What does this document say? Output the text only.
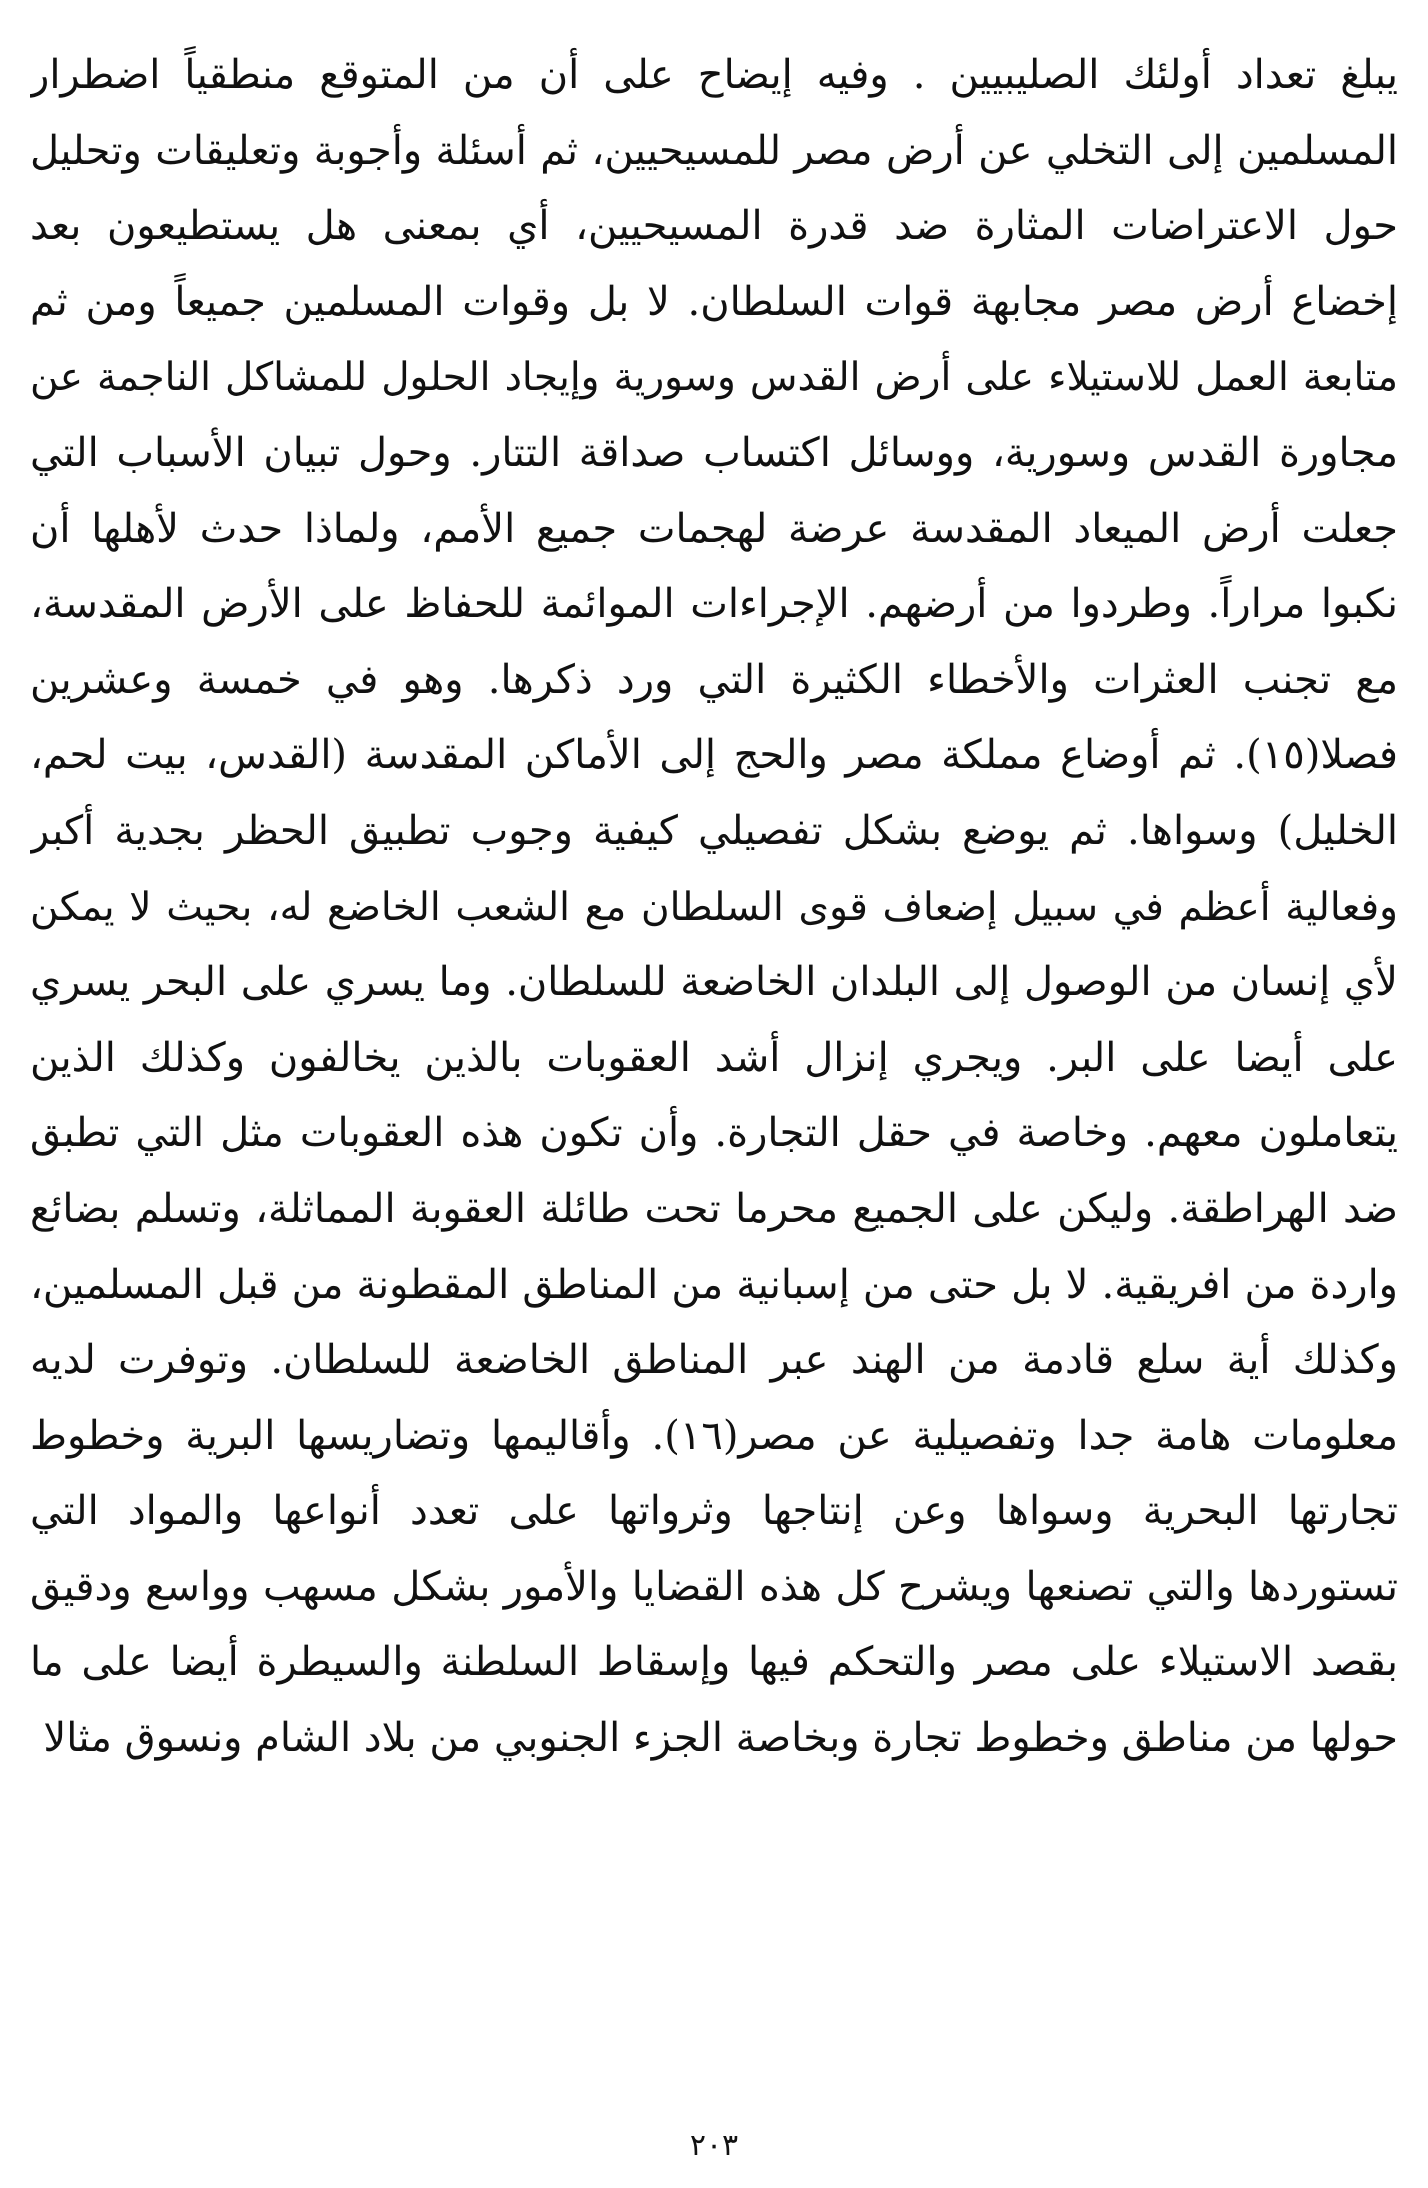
يبلغ تعداد أولئك الصليبيين . وفيه إيضاح على أن من المتوقع منطقياً اضطرار
المسلمين إلى التخلي عن أرض مصر للمسيحيين، ثم أسئلة وأجوبة وتعليقات وتحليل
حول الاعتراضات المثارة ضد قدرة المسيحيين، أي بمعنى هل يستطيعون بعد
إخضاع أرض مصر مجابهة قوات السلطان. لا بل وقوات المسلمين جميعاً ومن ثم
متابعة العمل للاستيلاء على أرض القدس وسورية وإيجاد الحلول للمشاكل الناجمة عن
مجاورة القدس وسورية، ووسائل اكتساب صداقة التتار. وحول تبيان الأسباب التي
جعلت أرض الميعاد المقدسة عرضة لهجمات جميع الأمم، ولماذا حدث لأهلها أن
نكبوا مراراً. وطردوا من أرضهم. الإجراءات الموائمة للحفاظ على الأرض المقدسة،
مع تجنب العثرات والأخطاء الكثيرة التي ورد ذكرها. وهو في خمسة وعشرين
فصلا(١٥). ثم أوضاع مملكة مصر والحج إلى الأماكن المقدسة (القدس، بيت لحم،
الخليل) وسواها. ثم يوضع بشكل تفصيلي كيفية وجوب تطبيق الحظر بجدية أكبر
وفعالية أعظم في سبيل إضعاف قوى السلطان مع الشعب الخاضع له، بحيث لا يمكن
لأي إنسان من الوصول إلى البلدان الخاضعة للسلطان. وما يسري على البحر يسري
على أيضا على البر. ويجري إنزال أشد العقوبات بالذين يخالفون وكذلك الذين
يتعاملون معهم. وخاصة في حقل التجارة. وأن تكون هذه العقوبات مثل التي تطبق
ضد الهراطقة. وليكن على الجميع محرما تحت طائلة العقوبة المماثلة، وتسلم بضائع
واردة من افريقية. لا بل حتى من إسبانية من المناطق المقطونة من قبل المسلمين،
وكذلك أية سلع قادمة من الهند عبر المناطق الخاضعة للسلطان. وتوفرت لديه
معلومات هامة جدا وتفصيلية عن مصر(١٦). وأقاليمها وتضاريسها البرية وخطوط
تجارتها البحرية وسواها وعن إنتاجها وثرواتها على تعدد أنواعها والمواد التي
تستوردها والتي تصنعها ويشرح كل هذه القضايا والأمور بشكل مسهب وواسع ودقيق
بقصد الاستيلاء على مصر والتحكم فيها وإسقاط السلطنة والسيطرة أيضا على ما
حولها من مناطق وخطوط تجارة وبخاصة الجزء الجنوبي من بلاد الشام ونسوق مثالا
٢٠٣
